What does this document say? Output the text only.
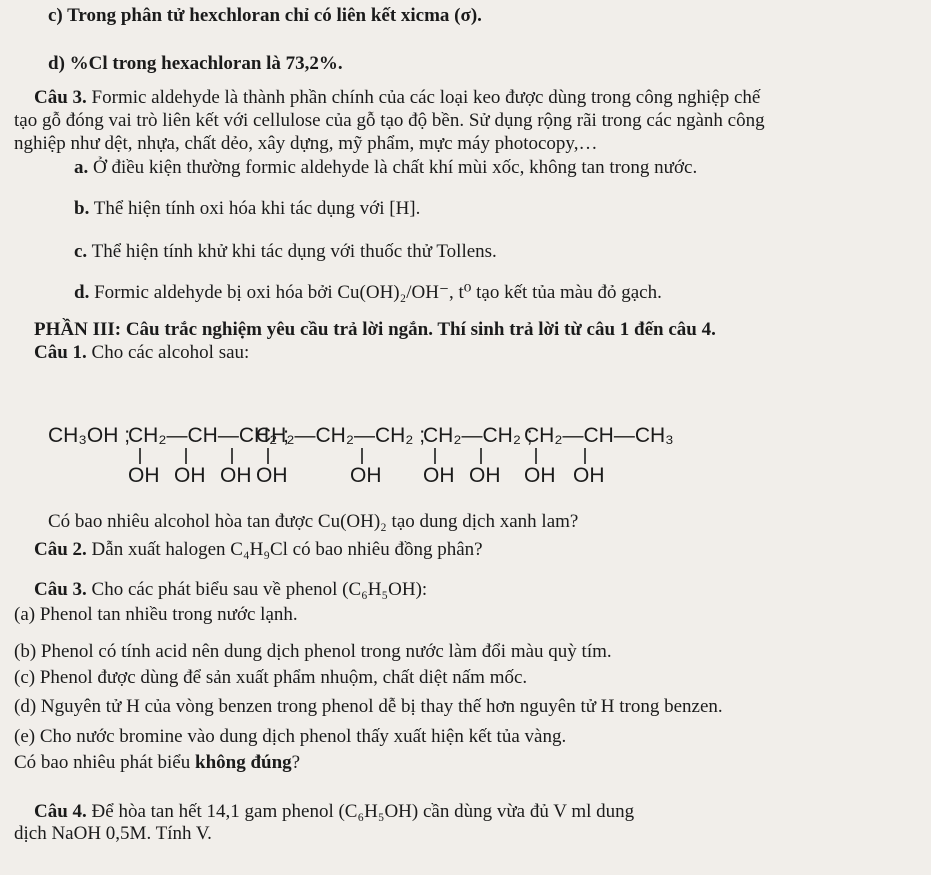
c) Trong phân tử hexchloran chỉ có liên kết xicma (σ).
d) %Cl trong hexachloran là 73,2%.
Câu 3. Formic aldehyde là thành phần chính của các loại keo được dùng trong công nghiệp chế
tạo gỗ đóng vai trò liên kết với cellulose của gỗ tạo độ bền. Sử dụng rộng rãi trong các ngành công
nghiệp như dệt, nhựa, chất dẻo, xây dựng, mỹ phẩm, mực máy photocopy,…
a. Ở điều kiện thường formic aldehyde là chất khí mùi xốc, không tan trong nước.
b. Thể hiện tính oxi hóa khi tác dụng với [H].
c. Thể hiện tính khử khi tác dụng với thuốc thử Tollens.
d. Formic aldehyde bị oxi hóa bởi Cu(OH)₂/OH⁻, t⁰ tạo kết tủa màu đỏ gạch.
PHẦN III: Câu trắc nghiệm yêu cầu trả lời ngắn. Thí sinh trả lời từ câu 1 đến câu 4.
Câu 1. Cho các alcohol sau:
CH₃OH ;
CH₂—CH—CH₂ ;
CH₂—CH₂—CH₂ ;
CH₂—CH₂ ;
CH₂—CH—CH₃
OH OH OH OH	OH OH OH OH OH
Có bao nhiêu alcohol hòa tan được Cu(OH)₂ tạo dung dịch xanh lam?
Câu 2. Dẫn xuất halogen C₄H₉Cl có bao nhiêu đồng phân?
Câu 3. Cho các phát biểu sau về phenol (C₆H₅OH):
(a) Phenol tan nhiều trong nước lạnh.
(b) Phenol có tính acid nên dung dịch phenol trong nước làm đổi màu quỳ tím.
(c) Phenol được dùng để sản xuất phẩm nhuộm, chất diệt nấm mốc.
(d) Nguyên tử H của vòng benzen trong phenol dễ bị thay thế hơn nguyên tử H trong benzen.
(e) Cho nước bromine vào dung dịch phenol thấy xuất hiện kết tủa vàng.
Có bao nhiêu phát biểu không đúng?
Câu 4. Để hòa tan hết 14,1 gam phenol (C₆H₅OH) cần dùng vừa đủ V ml dung
dịch NaOH 0,5M. Tính V.
